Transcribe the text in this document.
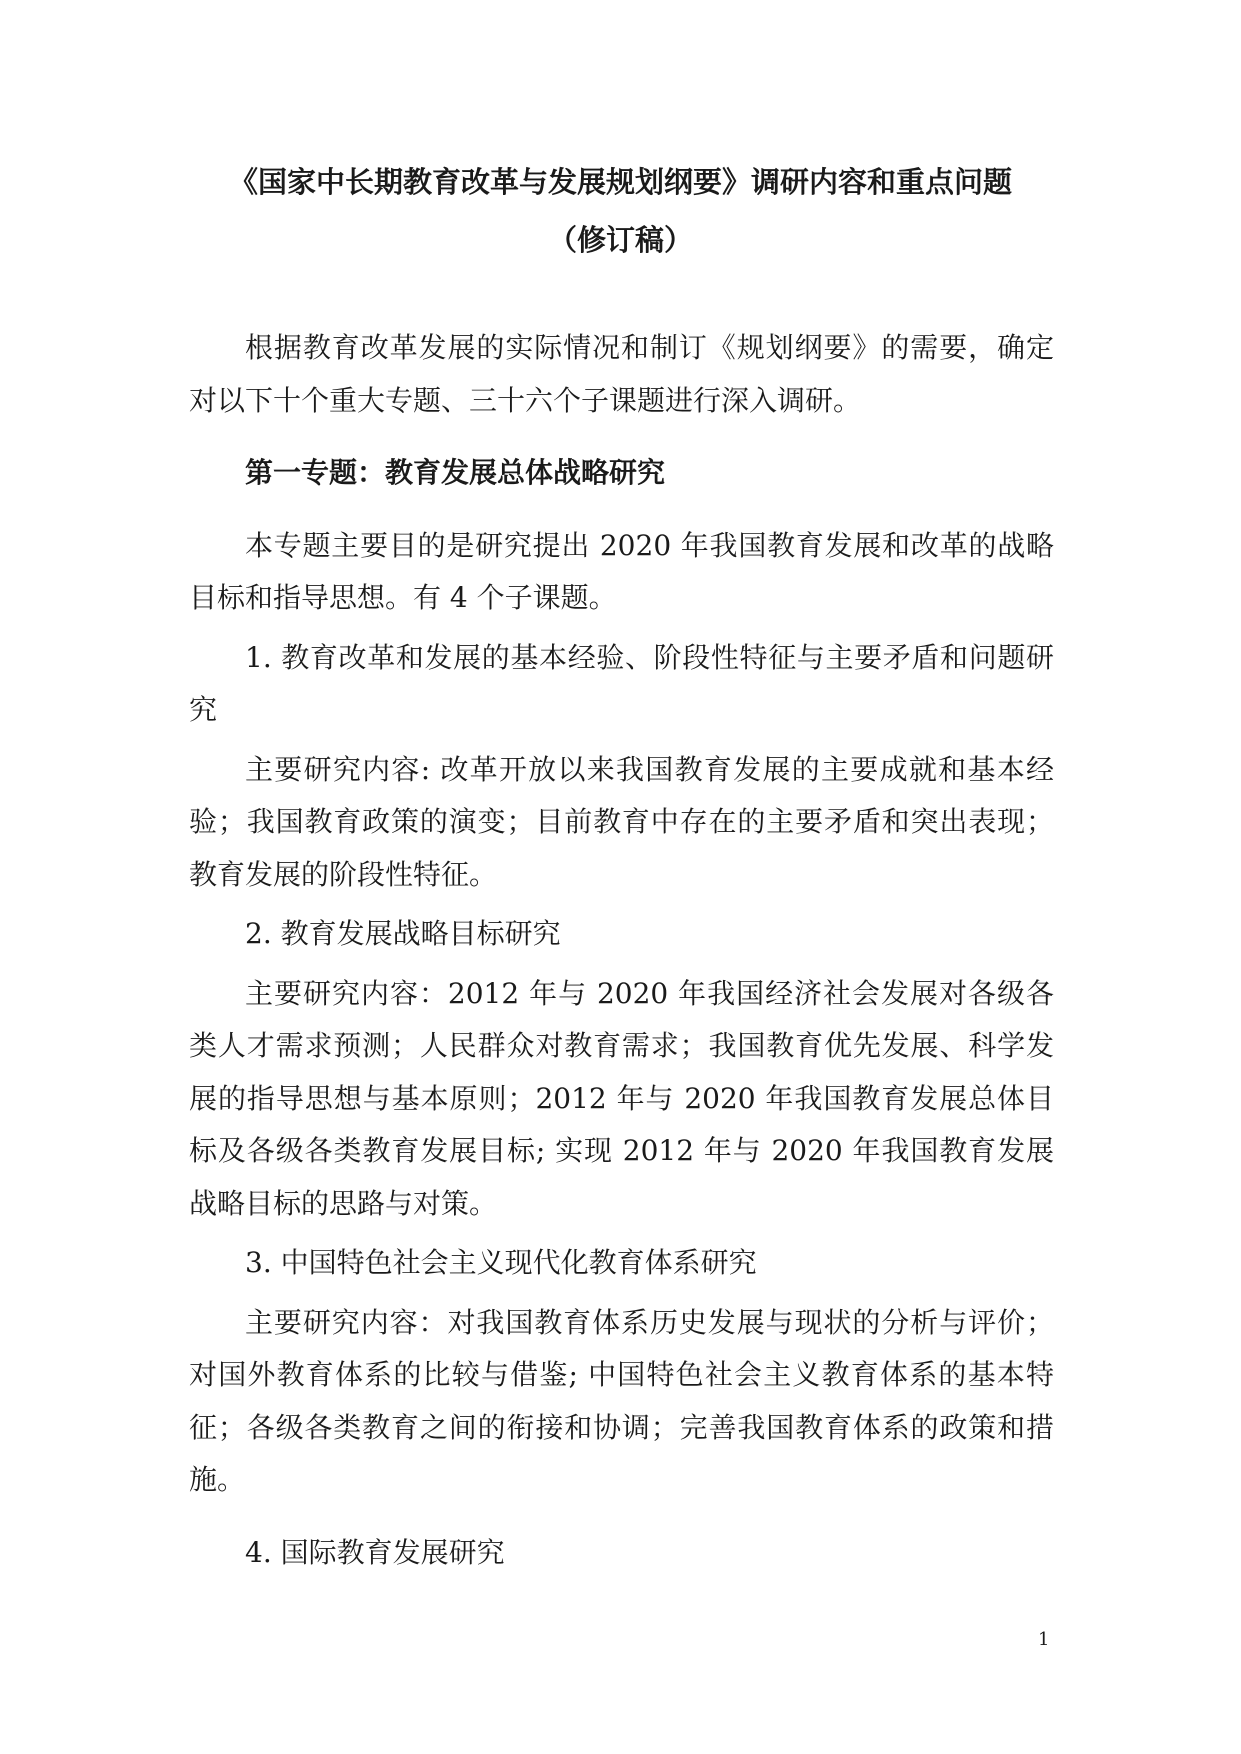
《国家中长期教育改革与发展规划纲要》调研内容和重点问题
（修订稿）

根据教育改革发展的实际情况和制订《规划纲要》的需要，确定对以下十个重大专题、三十六个子课题进行深入调研。

第一专题：教育发展总体战略研究

本专题主要目的是研究提出 2020 年我国教育发展和改革的战略目标和指导思想。有 4 个子课题。

1. 教育改革和发展的基本经验、阶段性特征与主要矛盾和问题研究

主要研究内容: 改革开放以来我国教育发展的主要成就和基本经验；我国教育政策的演变；目前教育中存在的主要矛盾和突出表现；教育发展的阶段性特征。

2. 教育发展战略目标研究

主要研究内容：2012 年与 2020 年我国经济社会发展对各级各类人才需求预测；人民群众对教育需求；我国教育优先发展、科学发展的指导思想与基本原则；2012 年与 2020 年我国教育发展总体目标及各级各类教育发展目标; 实现 2012 年与 2020 年我国教育发展战略目标的思路与对策。

3. 中国特色社会主义现代化教育体系研究

主要研究内容：对我国教育体系历史发展与现状的分析与评价；对国外教育体系的比较与借鉴; 中国特色社会主义教育体系的基本特征；各级各类教育之间的衔接和协调；完善我国教育体系的政策和措施。

4. 国际教育发展研究

1
